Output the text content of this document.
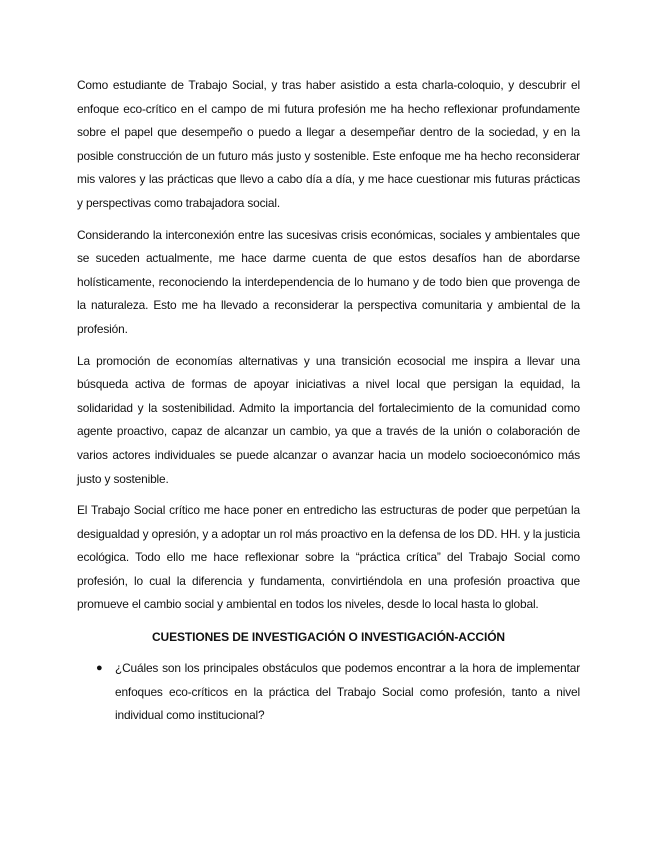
Como estudiante de Trabajo Social, y tras haber asistido a esta charla-coloquio, y descubrir el enfoque eco-crítico en el campo de mi futura profesión me ha hecho reflexionar profundamente sobre el papel que desempeño o puedo a llegar a desempeñar dentro de la sociedad, y en la posible construcción de un futuro más justo y sostenible. Este enfoque me ha hecho reconsiderar mis valores y las prácticas que llevo a cabo día a día, y me hace cuestionar mis futuras prácticas y perspectivas como trabajadora social.

Considerando la interconexión entre las sucesivas crisis económicas, sociales y ambientales que se suceden actualmente, me hace darme cuenta de que estos desafíos han de abordarse holísticamente, reconociendo la interdependencia de lo humano y de todo bien que provenga de la naturaleza. Esto me ha llevado a reconsiderar la perspectiva comunitaria y ambiental de la profesión.

La promoción de economías alternativas y una transición ecosocial me inspira a llevar una búsqueda activa de formas de apoyar iniciativas a nivel local que persigan la equidad, la solidaridad y la sostenibilidad. Admito la importancia del fortalecimiento de la comunidad como agente proactivo, capaz de alcanzar un cambio, ya que a través de la unión o colaboración de varios actores individuales se puede alcanzar o avanzar hacia un modelo socioeconómico más justo y sostenible.

El Trabajo Social crítico me hace poner en entredicho las estructuras de poder que perpetúan la desigualdad y opresión, y a adoptar un rol más proactivo en la defensa de los DD. HH. y la justicia ecológica. Todo ello me hace reflexionar sobre la “práctica crítica” del Trabajo Social como profesión, lo cual la diferencia y fundamenta, convirtiéndola en una profesión proactiva que promueve el cambio social y ambiental en todos los niveles, desde lo local hasta lo global.

CUESTIONES DE INVESTIGACIÓN O INVESTIGACIÓN-ACCIÓN
●	¿Cuáles son los principales obstáculos que podemos encontrar a la hora de implementar enfoques eco-críticos en la práctica del Trabajo Social como profesión, tanto a nivel individual como institucional?
